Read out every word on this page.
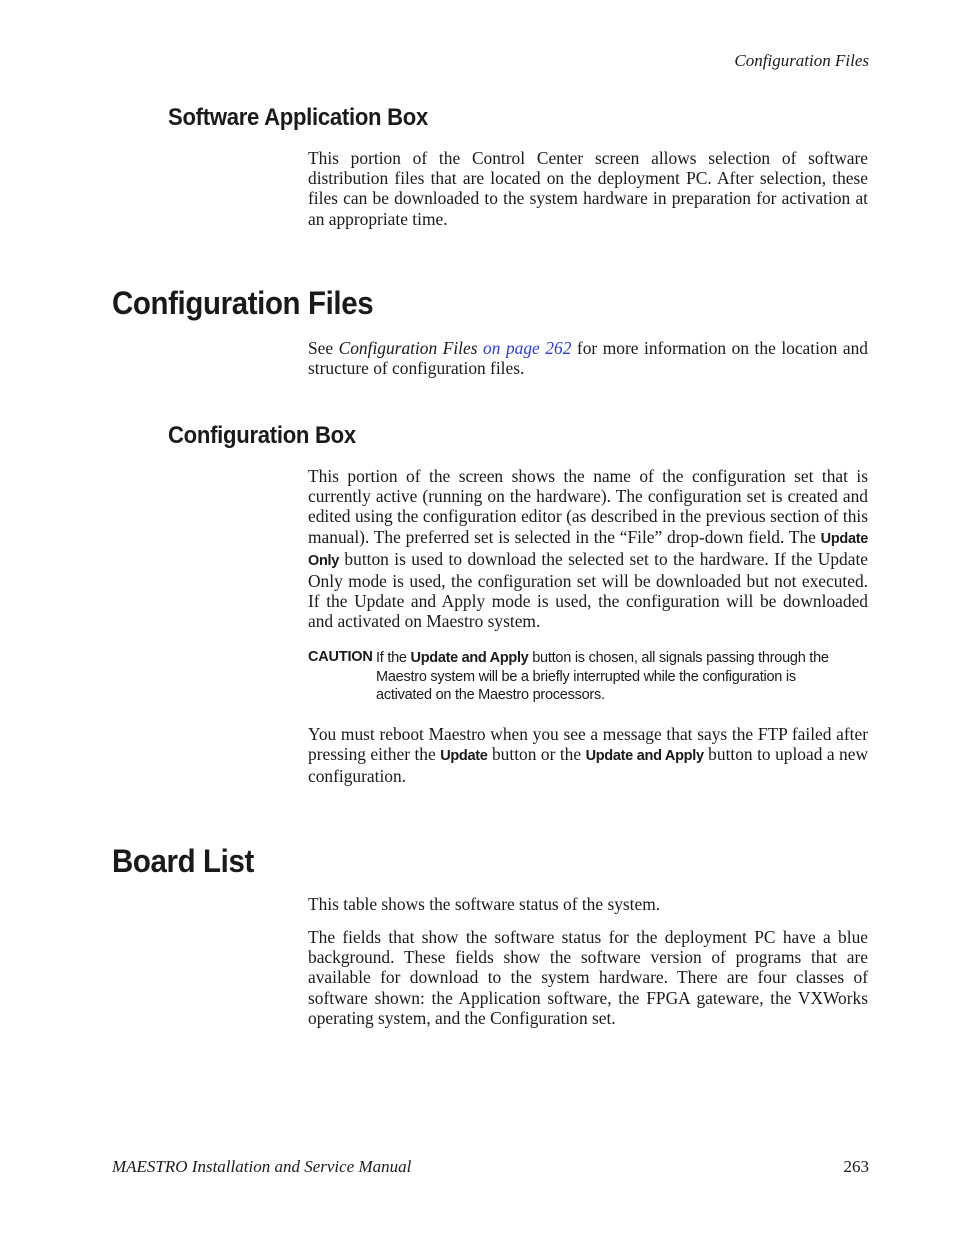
Configuration Files
Software Application Box

This portion of the Control Center screen allows selection of software distribution files that are located on the deployment PC. After selection, these files can be downloaded to the system hardware in preparation for activation at an appropriate time.

Configuration Files

See Configuration Files on page 262 for more information on the location and structure of configuration files.

Configuration Box

This portion of the screen shows the name of the configuration set that is currently active (running on the hardware). The configuration set is created and edited using the configuration editor (as described in the previous section of this manual). The preferred set is selected in the “File” drop-down field. The Update Only button is used to download the selected set to the hardware. If the Update Only mode is used, the configuration set will be downloaded but not executed. If the Update and Apply mode is used, the configuration will be downloaded and activated on Maestro system.

CAUTION If the Update and Apply button is chosen, all signals passing through the Maestro system will be a briefly interrupted while the configuration is activated on the Maestro processors.

You must reboot Maestro when you see a message that says the FTP failed after pressing either the Update button or the Update and Apply button to upload a new configuration.

Board List

This table shows the software status of the system.

The fields that show the software status for the deployment PC have a blue background. These fields show the software version of programs that are available for download to the system hardware. There are four classes of software shown: the Application software, the FPGA gateware, the VXWorks operating system, and the Configuration set.

MAESTRO Installation and Service Manual	263
